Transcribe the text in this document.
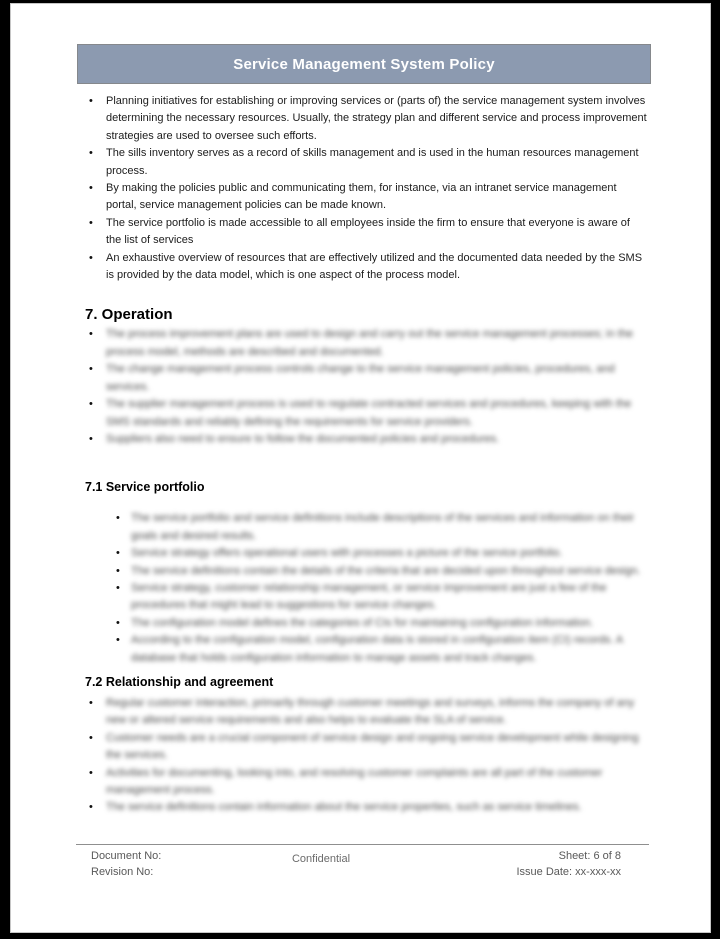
Service Management System Policy
•	Planning initiatives for establishing or improving services or (parts of) the service management system involves determining the necessary resources. Usually, the strategy plan and different service and process improvement strategies are used to oversee such efforts.
•	The sills inventory serves as a record of skills management and is used in the human resources management process.
•	By making the policies public and communicating them, for instance, via an intranet service management portal, service management policies can be made known.
•	The service portfolio is made accessible to all employees inside the firm to ensure that everyone is aware of the list of services
•	An exhaustive overview of resources that are effectively utilized and the documented data needed by the SMS is provided by the data model, which is one aspect of the process model.
7. Operation
•	The process improvement plans are used to design and carry out the service management processes; in the process model, methods are described and documented.
•	The change management process controls change to the service management policies, procedures, and services.
•	The supplier management process is used to regulate contracted services and procedures, keeping with the SMS standards and reliably defining the requirements for service providers.
•	Suppliers also need to ensure to follow the documented policies and procedures.
7.1 Service portfolio
•	The service portfolio and service definitions include descriptions of the services and information on their goals and desired results.
•	Service strategy offers operational users with processes a picture of the service portfolio.
•	The service definitions contain the details of the criteria that are decided upon throughout service design.
•	Service strategy, customer relationship management, or service improvement are just a few of the procedures that might lead to suggestions for service changes.
•	The configuration model defines the categories of CIs for maintaining configuration information.
•	According to the configuration model, configuration data is stored in configuration item (CI) records. A database that holds configuration information to manage assets and track changes.
7.2 Relationship and agreement
•	Regular customer interaction, primarily through customer meetings and surveys, informs the company of any new or altered service requirements and also helps to evaluate the SLA of service.
•	Customer needs are a crucial component of service design and ongoing service development while designing the services.
•	Activities for documenting, looking into, and resolving customer complaints are all part of the customer management process.
•	The service definitions contain information about the service properties, such as service timelines.
Document No:
Revision No:
Confidential	Sheet: 6 of 8
Issue Date: xx-xxx-xx
